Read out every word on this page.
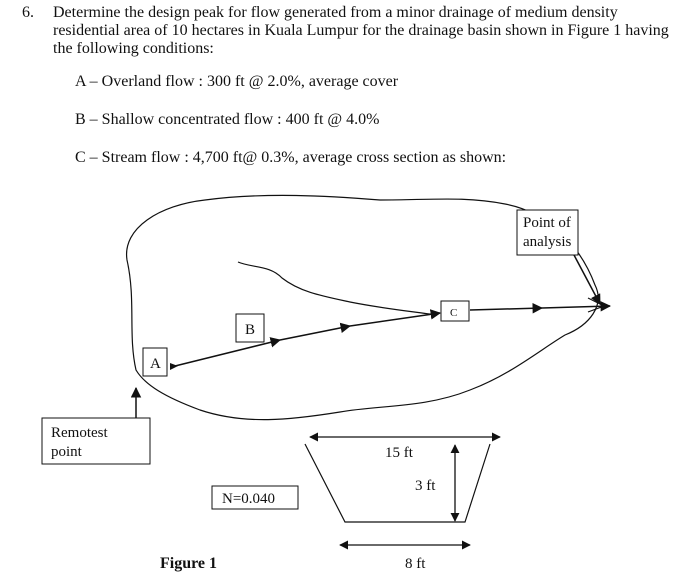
6. Determine the design peak for flow generated from a minor drainage of medium density residential area of 10 hectares in Kuala Lumpur for the drainage basin shown in Figure 1 having the following conditions:
A – Overland flow : 300 ft @ 2.0%, average cover
B – Shallow concentrated flow : 400 ft @ 4.0%
C – Stream flow : 4,700 ft@ 0.3%, average cross section as shown:
A
B
C
Point of
analysis
Remotest
point	15 ft
3 ft
8 ft
N=0.040
Figure 1
